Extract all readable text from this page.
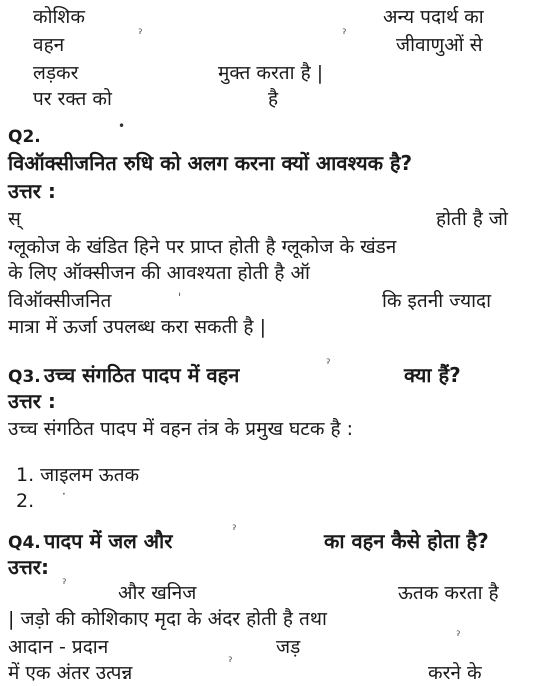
कोशिक	अन्य पदार्थ का
वहन	जीवाणुओं से
लड़कर	मुक्त करता है |
पर रक्त को	है
ˀ	ˀ
•
Q2.
विऑक्सीजनित रुधि को अलग करना क्यों आवश्यक है?
उत्तर :
स्	होती है जो
ग्लूकोज के खंडित हिने पर प्राप्त होती है ग्लूकोज के खंडन
के लिए ऑक्सीजन की आवश्यता होती है ऑ
विऑक्सीजनित	कि इतनी ज्यादा
मात्रा में ऊर्जा उपलब्ध करा सकती है |
ˌ
Q3. उच्च संगठित पादप में वहन	क्या हैं?
उत्तर :
उच्च संगठित पादप में वहन तंत्र के प्रमुख घटक है :
ˀ
1. जाइलम ऊतक
2. ·
Q4. पादप में जल और	का वहन कैसे होता है?
उत्तर:
ˀ
और खनिज	ऊतक करता है
ˀ
| जड़ो की कोशिकाए मृदा के अंदर होती है तथा
आदान - प्रदान	जड़	ˀ
में एक अंतर उत्पन्न	करने के
ˀ
